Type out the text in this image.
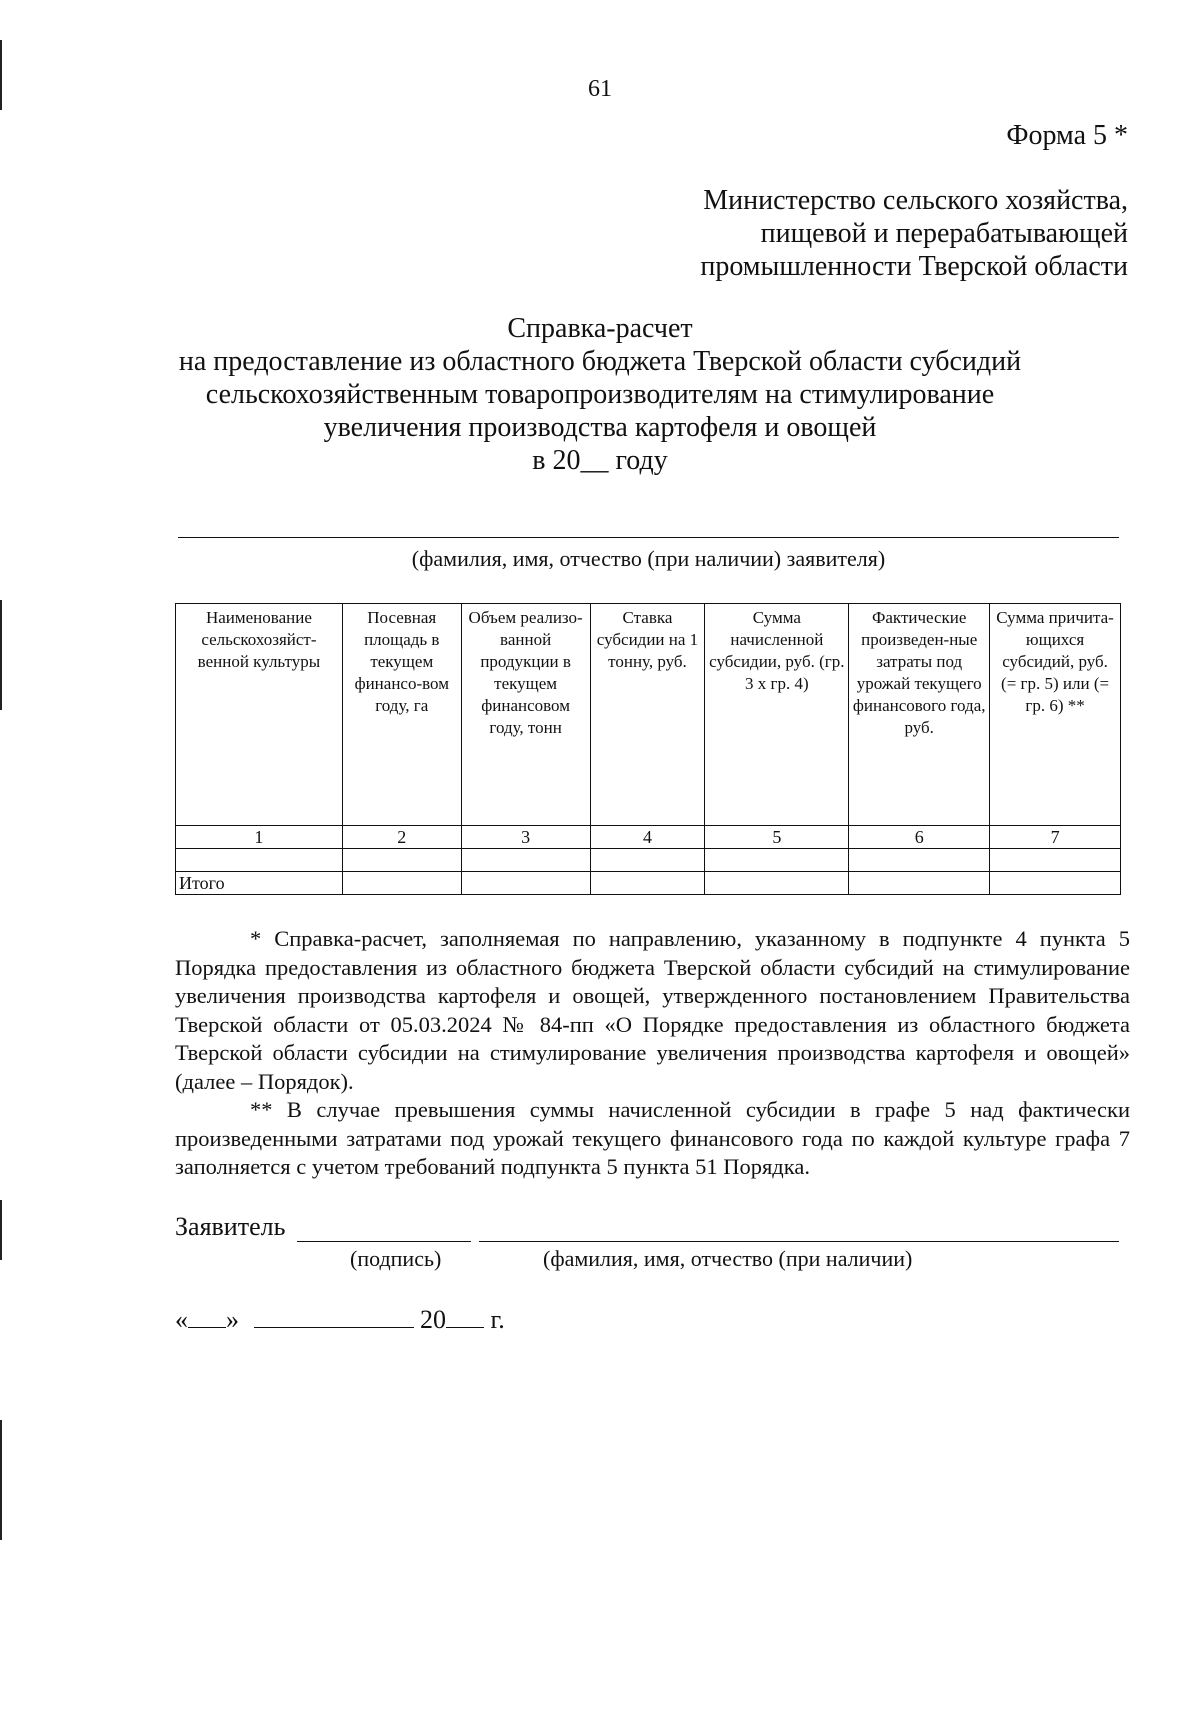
61
Форма 5 *
Министерство сельского хозяйства,
пищевой и перерабатывающей
промышленности Тверской области
Справка-расчет
на предоставление из областного бюджета Тверской области субсидий
сельскохозяйственным товаропроизводителям на стимулирование
увеличения производства картофеля и овощей
в 20__ году
(фамилия, имя, отчество (при наличии) заявителя)
Наименование сельскохозяйст-венной культуры	Посевная площадь в текущем финансо-вом году, га	Объем реализо-ванной продукции в текущем финансовом году, тонн	Ставка субсидии на 1 тонну, руб.	Сумма начисленной субсидии, руб. (гр. 3 х гр. 4)	Фактические произведен-ные затраты под урожай текущего финансового года, руб.	Сумма причита-ющихся субсидий, руб. (= гр. 5) или (= гр. 6) **
1	2	3	4	5	6	7

Итого						

* Справка-расчет, заполняемая по направлению, указанному в подпункте 4 пункта 5 Порядка предоставления из областного бюджета Тверской области субсидий на стимулирование увеличения производства картофеля и овощей, утвержденного постановлением Правительства Тверской области от 05.03.2024 № 84-пп «О Порядке предоставления из областного бюджета Тверской области субсидии на стимулирование увеличения производства картофеля и овощей» (далее – Порядок).

** В случае превышения суммы начисленной субсидии в графе 5 над фактически произведенными затратами под урожай текущего финансового года по каждой культуре графа 7 заполняется с учетом требований подпункта 5 пункта 51 Порядка.

Заявитель
(подпись)	(фамилия, имя, отчество (при наличии)
« »	20 г.
